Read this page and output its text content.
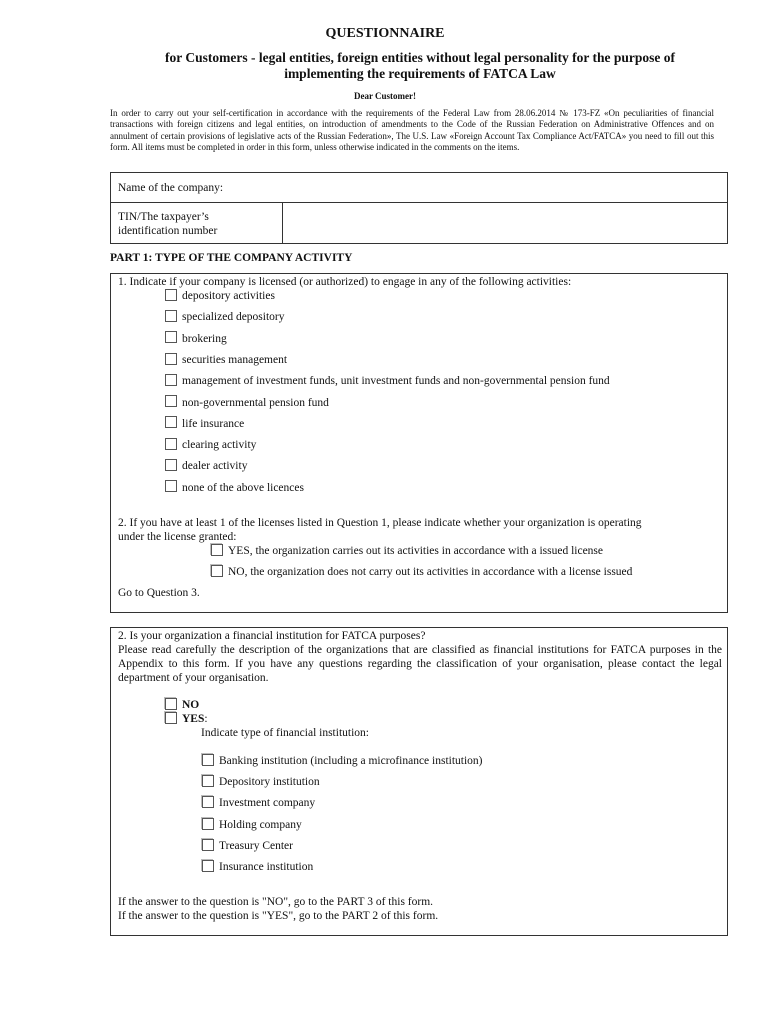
QUESTIONNAIRE
for Customers - legal entities, foreign entities without legal personality for the purpose of
implementing the requirements of FATCA Law
Dear Customer!
In order to carry out your self-certification in accordance with the requirements of the Federal Law from 28.06.2014 № 173-FZ «On peculiarities of financial transactions with foreign citizens and legal entities, on introduction of amendments to the Code of the Russian Federation on Administrative Offences and on annulment of certain provisions of legislative acts of the Russian Federation», The U.S. Law «Foreign Account Tax Compliance Act/FATCA» you need to fill out this form. All items must be completed in order in this form, unless otherwise indicated in the comments on the items.
Name of the company:
TIN/The taxpayer’s
identification number
PART 1: TYPE OF THE COMPANY ACTIVITY
1. Indicate if your company is licensed (or authorized) to engage in any of the following activities:
depository activities
specialized depository
brokering
securities management
management of investment funds, unit investment funds and non-governmental pension fund
non-governmental pension fund
life insurance
clearing activity
dealer activity
none of the above licences
2. If you have at least 1 of the licenses listed in Question 1, please indicate whether your organization is operating
under the license granted:
YES, the organization carries out its activities in accordance with a issued license
NO, the organization does not carry out its activities in accordance with a license issued
Go to Question 3.
2. Is your organization a financial institution for FATCA purposes?
Please read carefully the description of the organizations that are classified as financial institutions for FATCA purposes in the Appendix to this form. If you have any questions regarding the classification of your organisation, please contact the legal department of your organisation.
NO
YES:
Indicate type of financial institution:
Banking institution (including a microfinance institution)
Depository institution
Investment company
Holding company
Treasury Center
Insurance institution
If the answer to the question is "NO", go to the PART 3 of this form.
If the answer to the question is "YES", go to the PART 2 of this form.
